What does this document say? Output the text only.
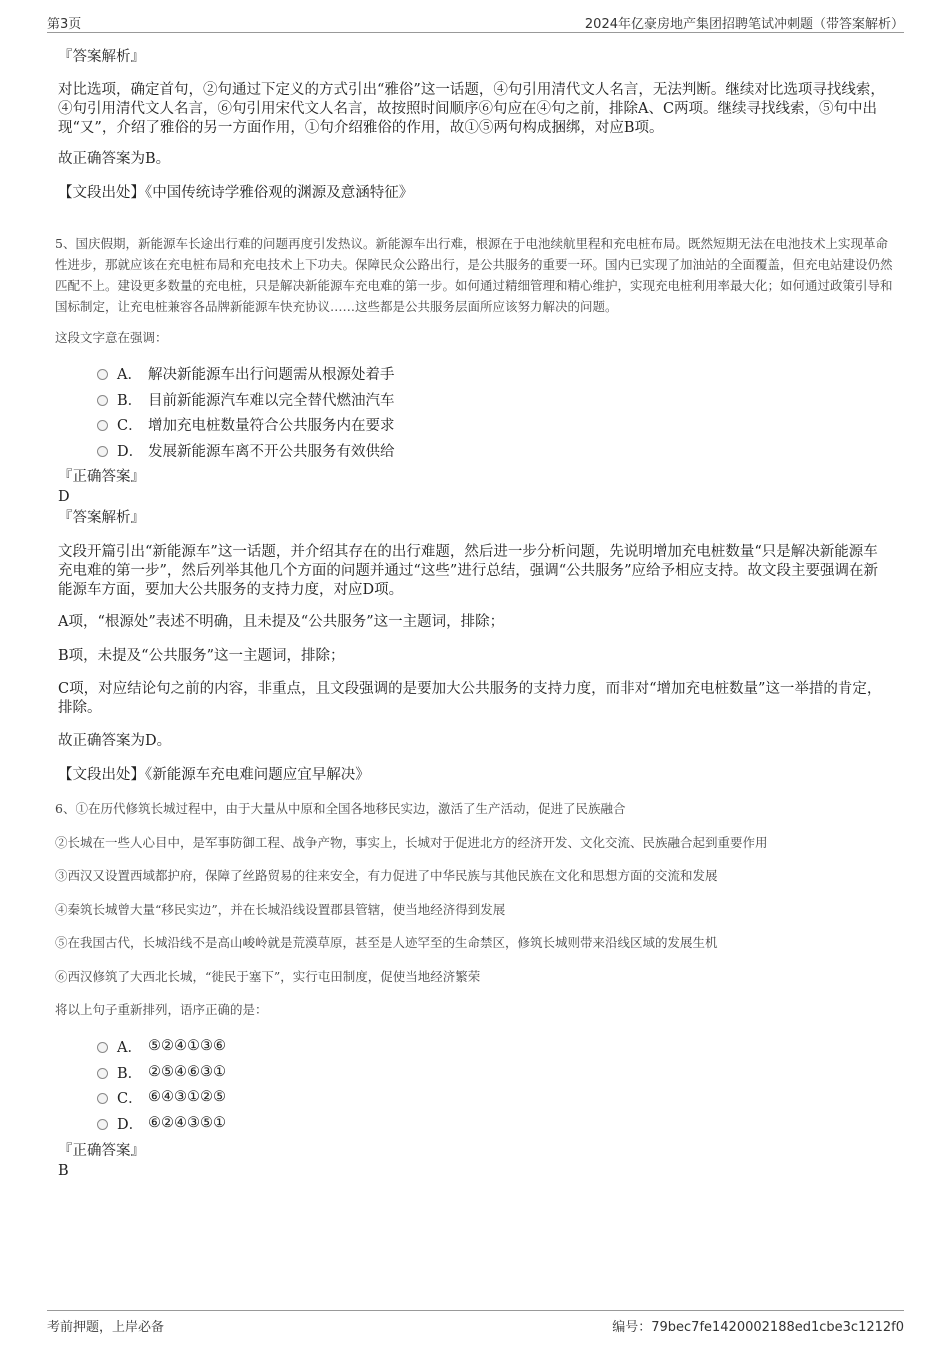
第3页	2024年亿豪房地产集团招聘笔试冲刺题（带答案解析）
『答案解析』
对比选项，确定首句，②句通过下定义的方式引出“雅俗”这一话题，④句引用清代文人名言，无法判断。继续对比选项寻找线索，④句引用清代文人名言，⑥句引用宋代文人名言，故按照时间顺序⑥句应在④句之前，排除A、C两项。继续寻找线索，⑤句中出现“又”，介绍了雅俗的另一方面作用，①句介绍雅俗的作用，故①⑤两句构成捆绑，对应B项。
故正确答案为B。
【文段出处】《中国传统诗学雅俗观的渊源及意涵特征》
5、国庆假期，新能源车长途出行难的问题再度引发热议。新能源车出行难，根源在于电池续航里程和充电桩布局。既然短期无法在电池技术上实现革命性进步，那就应该在充电桩布局和充电技术上下功夫。保障民众公路出行，是公共服务的重要一环。国内已实现了加油站的全面覆盖，但充电站建设仍然匹配不上。建设更多数量的充电桩，只是解决新能源车充电难的第一步。如何通过精细管理和精心维护，实现充电桩利用率最大化；如何通过政策引导和国标制定，让充电桩兼容各品牌新能源车快充协议……这些都是公共服务层面所应该努力解决的问题。
这段文字意在强调：
A． 解决新能源车出行问题需从根源处着手
B． 目前新能源汽车难以完全替代燃油汽车
C． 增加充电桩数量符合公共服务内在要求
D． 发展新能源车离不开公共服务有效供给
『正确答案』
D
『答案解析』
文段开篇引出“新能源车”这一话题，并介绍其存在的出行难题，然后进一步分析问题，先说明增加充电桩数量“只是解决新能源车充电难的第一步”，然后列举其他几个方面的问题并通过“这些”进行总结，强调“公共服务”应给予相应支持。故文段主要强调在新能源车方面，要加大公共服务的支持力度，对应D项。
A项，“根源处”表述不明确，且未提及“公共服务”这一主题词，排除；
B项，未提及“公共服务”这一主题词，排除；
C项，对应结论句之前的内容，非重点，且文段强调的是要加大公共服务的支持力度，而非对“增加充电桩数量”这一举措的肯定，排除。
故正确答案为D。
【文段出处】《新能源车充电难问题应宜早解决》
6、①在历代修筑长城过程中，由于大量从中原和全国各地移民实边，激活了生产活动，促进了民族融合
②长城在一些人心目中，是军事防御工程、战争产物，事实上，长城对于促进北方的经济开发、文化交流、民族融合起到重要作用
③西汉又设置西域都护府，保障了丝路贸易的往来安全，有力促进了中华民族与其他民族在文化和思想方面的交流和发展
④秦筑长城曾大量“移民实边”，并在长城沿线设置郡县管辖，使当地经济得到发展
⑤在我国古代，长城沿线不是高山峻岭就是荒漠草原，甚至是人迹罕至的生命禁区，修筑长城则带来沿线区域的发展生机
⑥西汉修筑了大西北长城，“徙民于塞下”，实行屯田制度，促使当地经济繁荣
将以上句子重新排列，语序正确的是：
A． ⑤②④①③⑥
B． ②⑤④⑥③①
C． ⑥④③①②⑤
D． ⑥②④③⑤①
『正确答案』
B
考前押题，上岸必备	编号：79bec7fe1420002188ed1cbe3c1212f0
